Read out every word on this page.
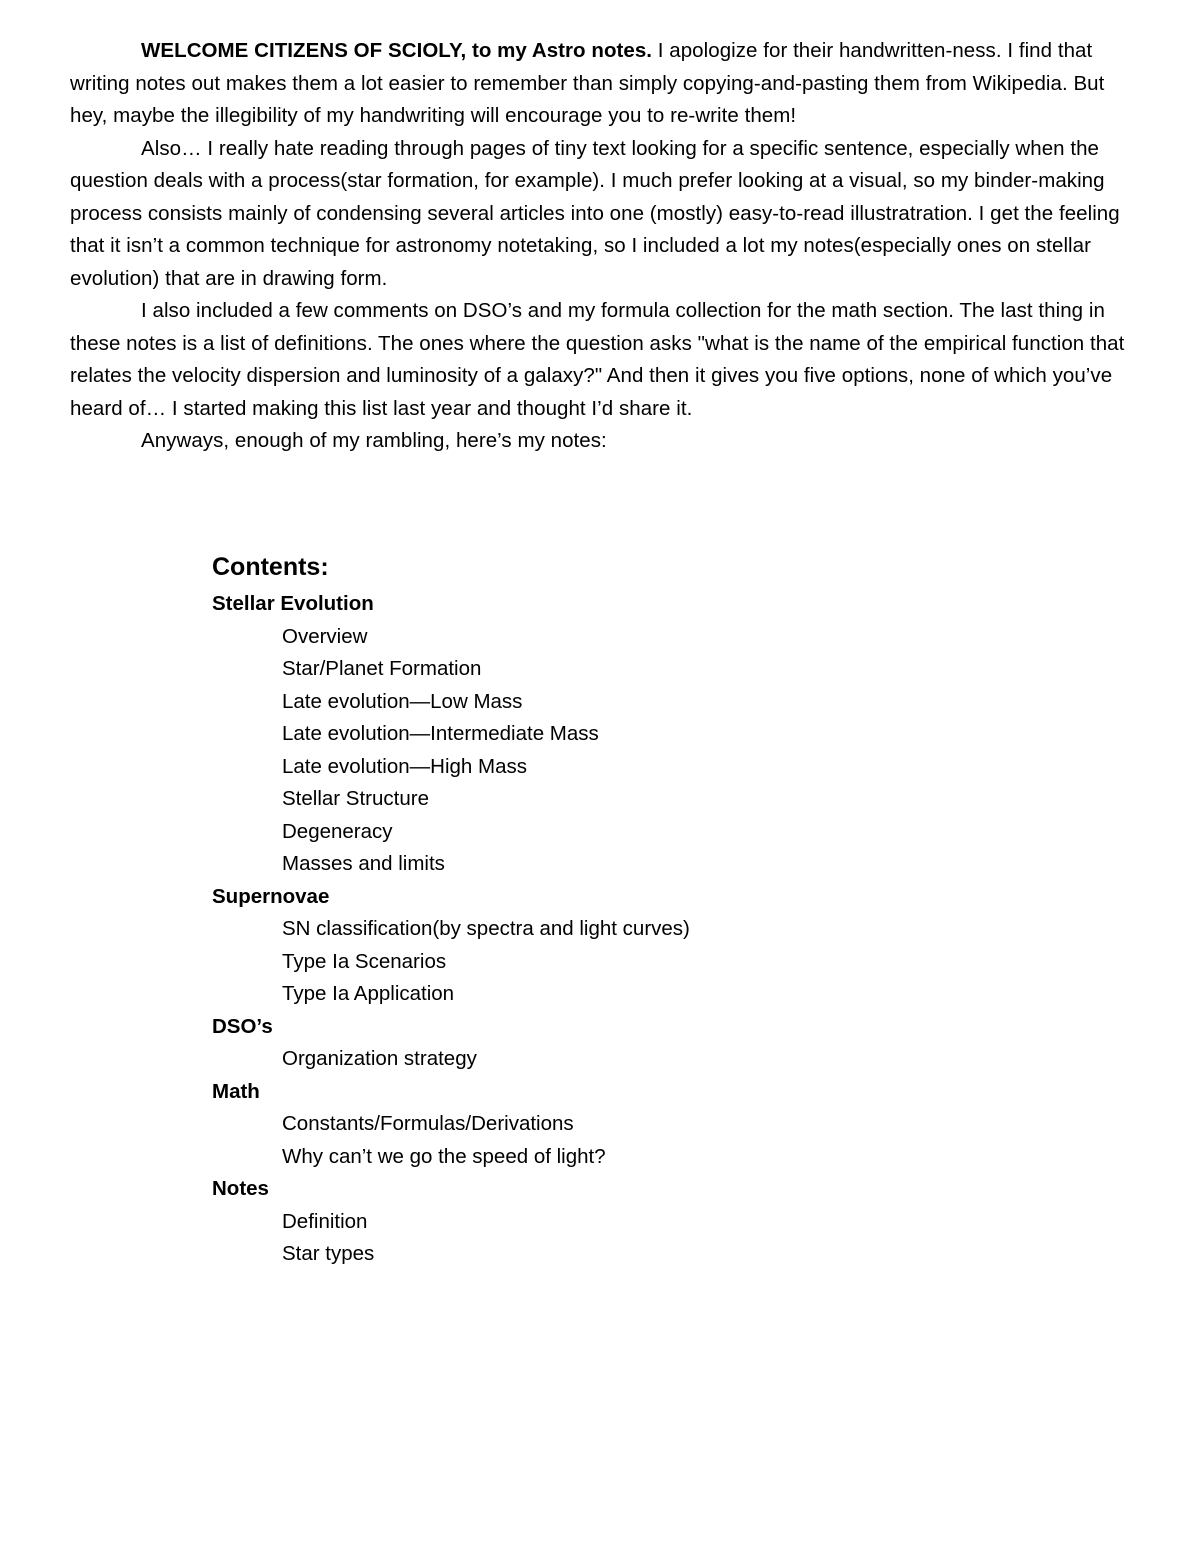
WELCOME CITIZENS OF SCIOLY, to my Astro notes. I apologize for their handwritten-ness. I find that writing notes out makes them a lot easier to remember than simply copying-and-pasting them from Wikipedia. But hey, maybe the illegibility of my handwriting will encourage you to re-write them!

Also… I really hate reading through pages of tiny text looking for a specific sentence, especially when the question deals with a process(star formation, for example). I much prefer looking at a visual, so my binder-making process consists mainly of condensing several articles into one (mostly) easy-to-read illustratration. I get the feeling that it isn’t a common technique for astronomy notetaking, so I included a lot my notes(especially ones on stellar evolution) that are in drawing form.

I also included a few comments on DSO’s and my formula collection for the math section. The last thing in these notes is a list of definitions. The ones where the question asks "what is the name of the empirical function that relates the velocity dispersion and luminosity of a galaxy?" And then it gives you five options, none of which you’ve heard of… I started making this list last year and thought I’d share it.

Anyways, enough of my rambling, here’s my notes:

Contents:
Stellar Evolution
Overview
Star/Planet Formation
Late evolution—Low Mass
Late evolution—Intermediate Mass
Late evolution—High Mass
Stellar Structure
Degeneracy
Masses and limits
Supernovae
SN classification(by spectra and light curves)
Type Ia Scenarios
Type Ia Application
DSO’s
Organization strategy
Math
Constants/Formulas/Derivations
Why can’t we go the speed of light?
Notes
Definition
Star types
